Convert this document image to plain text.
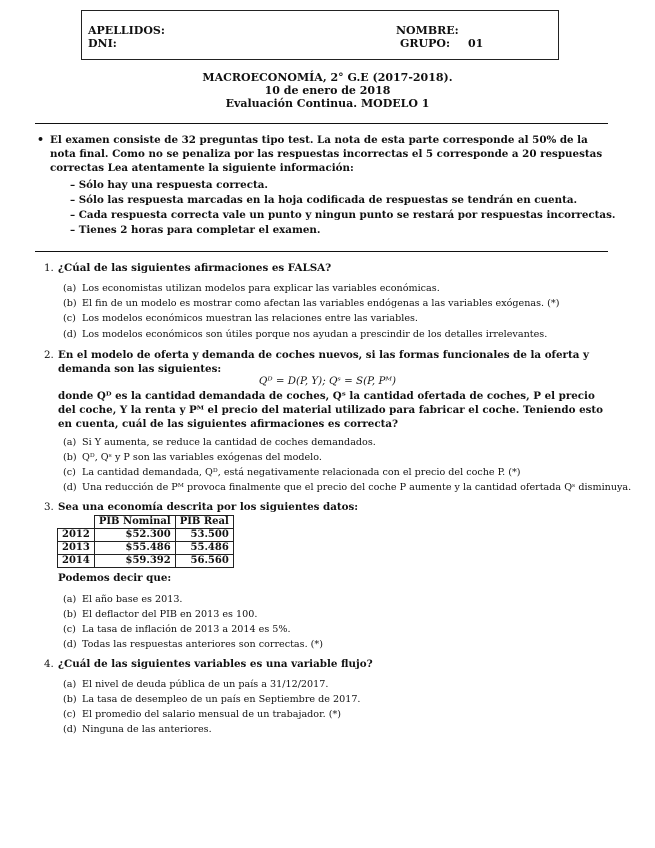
APELLIDOS:
DNI:
NOMBRE:
GRUPO: 01
MACROECONOMÍA, 2° G.E (2017-2018).
10 de enero de 2018
Evaluación Continua. MODELO 1
• El examen consiste de 32 preguntas tipo test. La nota de esta parte corresponde al 50% de la nota final. Como no se penaliza por las respuestas incorrectas el 5 corresponde a 20 respuestas correctas Lea atentamente la siguiente información:
– Sólo hay una respuesta correcta.
– Sólo las respuesta marcadas en la hoja codificada de respuestas se tendrán en cuenta.
– Cada respuesta correcta vale un punto y ningun punto se restará por respuestas incorrectas.
– Tienes 2 horas para completar el examen.
1. ¿Cúal de las siguientes afirmaciones es FALSA?
(a) Los economistas utilizan modelos para explicar las variables económicas.
(b) El fin de un modelo es mostrar como afectan las variables endógenas a las variables exógenas. (*)
(c) Los modelos económicos muestran las relaciones entre las variables.
(d) Los modelos económicos son útiles porque nos ayudan a prescindir de los detalles irrelevantes.
2. En el modelo de oferta y demanda de coches nuevos, si las formas funcionales de la oferta y demanda son las siguientes:
Qᴰ = D(P, Y); Qˢ = S(P, Pᴹ)
donde Qᴰ es la cantidad demandada de coches, Qˢ la cantidad ofertada de coches, P el precio del coche, Y la renta y Pᴹ el precio del material utilizado para fabricar el coche. Teniendo esto en cuenta, cuál de las siguientes afirmaciones es correcta?
(a) Si Y aumenta, se reduce la cantidad de coches demandados.
(b) Qᴰ, Qˢ y P son las variables exógenas del modelo.
(c) La cantidad demandada, Qᴰ, está negativamente relacionada con el precio del coche P. (*)
(d) Una reducción de Pᴹ provoca finalmente que el precio del coche P aumente y la cantidad ofertada Qˢ disminuya.
3. Sea una economía descrita por los siguientes datos:
	PIB Nominal	PIB Real
2012	$52.300	53.500
2013	$55.486	55.486
2014	$59.392	56.560
Podemos decir que:
(a) El año base es 2013.
(b) El deflactor del PIB en 2013 es 100.
(c) La tasa de inflación de 2013 a 2014 es 5%.
(d) Todas las respuestas anteriores son correctas. (*)
4. ¿Cuál de las siguientes variables es una variable flujo?
(a) El nivel de deuda pública de un país a 31/12/2017.
(b) La tasa de desempleo de un país en Septiembre de 2017.
(c) El promedio del salario mensual de un trabajador. (*)
(d) Ninguna de las anteriores.
